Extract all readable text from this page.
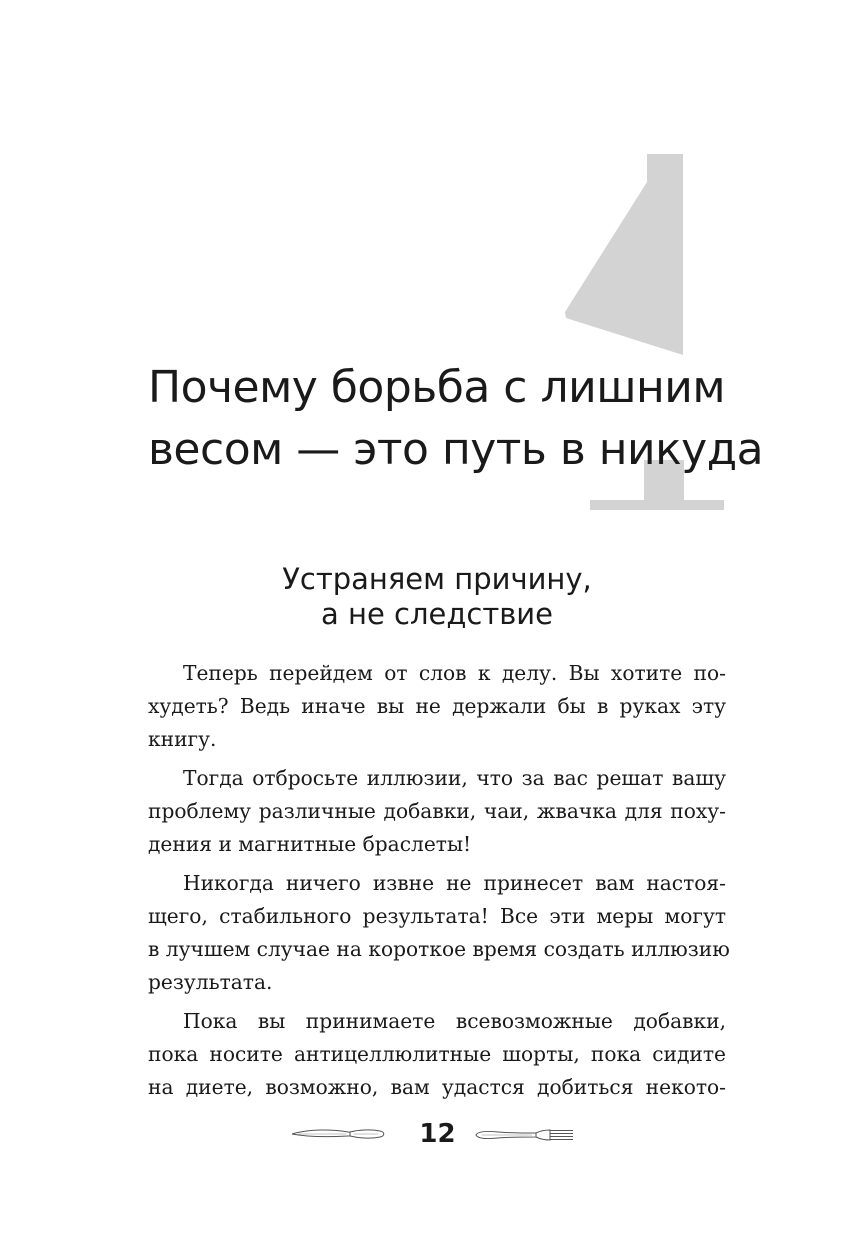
1
Почему борьба с лишним
весом — это путь в никуда
Устраняем причину,
а не следствие

Теперь перейдем от слов к делу. Вы хотите по-
худеть? Ведь иначе вы не держали бы в руках эту
книгу.

Тогда отбросьте иллюзии, что за вас решат вашу
проблему различные добавки, чаи, жвачка для поху-
дения и магнитные браслеты!

Никогда ничего извне не принесет вам настоя-
щего, стабильного результата! Все эти меры могут
в лучшем случае на короткое время создать иллюзию
результата.

Пока вы принимаете всевозможные добавки,
пока носите антицеллюлитные шорты, пока сидите
на диете, возможно, вам удастся добиться некото-

12
